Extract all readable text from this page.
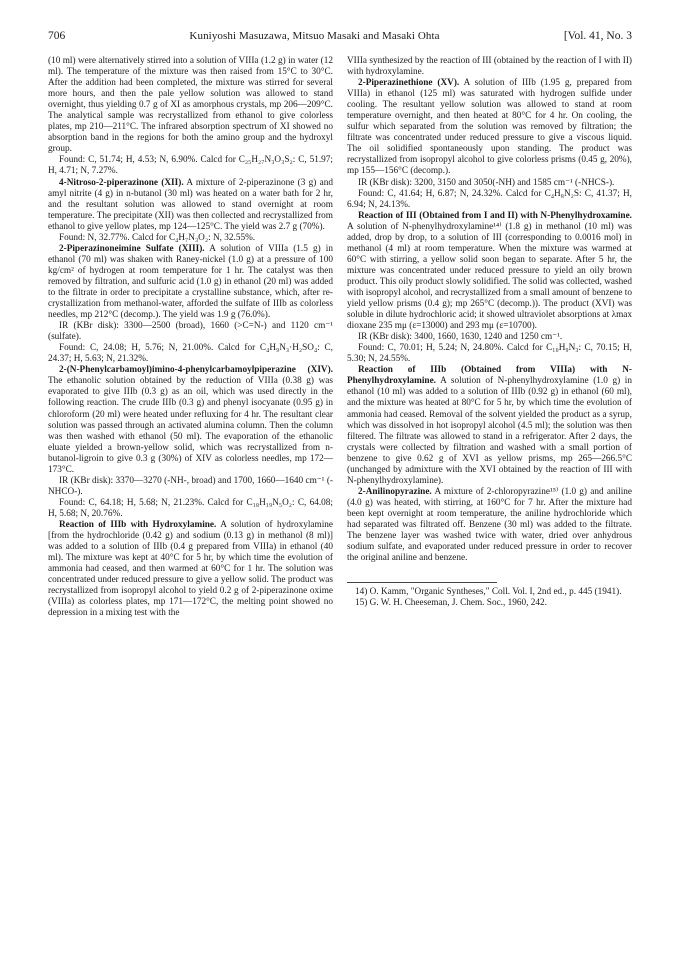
706	Kuniyoshi Masuzawa, Mitsuo Masaki and Masaki Ohta	[Vol. 41, No. 3

(10 ml) were alternatively stirred into a solution of VIIIa (1.2 g) in water (12 ml). The temperature of the mixture was then raised from 15°C to 30°C. After the addition had been completed, the mixture was stirred for several more hours, and then the pale yellow solution was allowed to stand overnight, thus yielding 0.7 g of XI as amorphous crystals, mp 206—209°C. The analytical sample was recrystallized from ethanol to give colorless plates, mp 210—211°C. The infrared absorption spectrum of XI showed no absorption band in the regions for both the amino group and the hydroxyl group.

Found: C, 51.74; H, 4.53; N, 6.90%. Calcd for C₂₅H₂₇N₃O₃S₂: C, 51.97; H, 4.71; N, 7.27%.

4-Nitroso-2-piperazinone (XII). A mixture of 2-piperazinone (3 g) and amyl nitrite (4 g) in n-butanol (30 ml) was heated on a water bath for 2 hr, and the resultant solution was allowed to stand overnight at room temperature. The precipitate (XII) was then collected and recrystallized from ethanol to give yellow plates, mp 124—125°C. The yield was 2.7 g (70%).

Found: N, 32.77%. Calcd for C₄H₇N₃O₂: N, 32.55%.

2-Piperazinoneimine Sulfate (XIII). A solution of VIIIa (1.5 g) in ethanol (70 ml) was shaken with Raney-nickel (1.0 g) at a pressure of 100 kg/cm² of hydrogen at room temperature for 1 hr. The catalyst was then removed by filtration, and sulfuric acid (1.0 g) in ethanol (20 ml) was added to the filtrate in order to precipitate a crystalline substance, which, after re-crystallization from methanol-water, afforded the sulfate of IIIb as colorless needles, mp 212°C (decomp.). The yield was 1.9 g (76.0%).

IR (KBr disk): 3300—2500 (broad), 1660 (>C=N-) and 1120 cm⁻¹ (sulfate).

Found: C, 24.08; H, 5.76; N, 21.00%. Calcd for C₄H₉N₃·H₂SO₄: C, 24.37; H, 5.63; N, 21.32%.

2-(N-Phenylcarbamoyl)imino-4-phenylcarbamoylpiperazine (XIV). The ethanolic solution obtained by the reduction of VIIIa (0.38 g) was evaporated to give IIIb (0.3 g) as an oil, which was used directly in the following reaction. The crude IIIb (0.3 g) and phenyl isocyanate (0.95 g) in chloroform (20 ml) were heated under refluxing for 4 hr. The resultant clear solution was passed through an activated alumina column. Then the column was then washed with ethanol (50 ml). The evaporation of the ethanolic eluate yielded a brown-yellow solid, which was recrystallized from n-butanol-ligroin to give 0.3 g (30%) of XIV as colorless needles, mp 172—173°C.

IR (KBr disk): 3370—3270 (-NH-, broad) and 1700, 1660—1640 cm⁻¹ (-NHCO-).

Found: C, 64.18; H, 5.68; N, 21.23%. Calcd for C₁₈H₁₉N₅O₂: C, 64.08; H, 5.68; N, 20.76%.

Reaction of IIIb with Hydroxylamine. A solution of hydroxylamine [from the hydrochloride (0.42 g) and sodium (0.13 g) in methanol (8 ml)] was added to a solution of IIIb (0.4 g prepared from VIIIa) in ethanol (40 ml). The mixture was kept at 40°C for 5 hr, by which time the evolution of ammonia had ceased, and then warmed at 60°C for 1 hr. The solution was concentrated under reduced pressure to give a yellow solid. The product was recrystallized from isopropyl alcohol to yield 0.2 g of 2-piperazinone oxime (VIIIa) as colorless plates, mp 171—172°C, the melting point showed no depression in a mixing test with the

VIIIa synthesized by the reaction of III (obtained by the reaction of I with II) with hydroxylamine.

2-Piperazinethione (XV). A solution of IIIb (1.95 g, prepared from VIIIa) in ethanol (125 ml) was saturated with hydrogen sulfide under cooling. The resultant yellow solution was allowed to stand at room temperature overnight, and then heated at 80°C for 4 hr. On cooling, the sulfur which separated from the solution was removed by filtration; the filtrate was concentrated under reduced pressure to give a viscous liquid. The oil solidified spontaneously upon standing. The product was recrystallized from isopropyl alcohol to give colorless prisms (0.45 g, 20%), mp 155—156°C (decomp.).

IR (KBr disk): 3200, 3150 and 3050(-NH) and 1585 cm⁻¹ (-NHCS-).

Found: C, 41.64; H, 6.87; N, 24.32%. Calcd for C₄H₈N₂S: C, 41.37; H, 6.94; N, 24.13%.

Reaction of III (Obtained from I and II) with N-Phenylhydroxamine. A solution of N-phenylhydroxylamine¹⁴⁾ (1.8 g) in methanol (10 ml) was added, drop by drop, to a solution of III (corresponding to 0.0016 mol) in methanol (4 ml) at room temperature. When the mixture was warmed at 60°C with stirring, a yellow solid soon began to separate. After 5 hr, the mixture was concentrated under reduced pressure to yield an oily brown product. This oily product slowly solidified. The solid was collected, washed with isopropyl alcohol, and recrystallized from a small amount of benzene to yield yellow prisms (0.4 g); mp 265°C (decomp.)). The product (XVI) was soluble in dilute hydrochloric acid; it showed ultraviolet absorptions at λmax dioxane 235 mμ (ε=13000) and 293 mμ (ε=10700).

IR (KBr disk): 3400, 1660, 1630, 1240 and 1250 cm⁻¹.

Found: C, 70.01; H, 5.24; N, 24.80%. Calcd for C₁₀H₉N₃: C, 70.15; H, 5.30; N, 24.55%.

Reaction of IIIb (Obtained from VIIIa) with N-Phenylhydroxylamine. A solution of N-phenylhydroxylamine (1.0 g) in ethanol (10 ml) was added to a solution of IIIb (0.92 g) in ethanol (60 ml), and the mixture was heated at 80°C for 5 hr, by which time the evolution of ammonia had ceased. Removal of the solvent yielded the product as a syrup, which was dissolved in hot isopropyl alcohol (4.5 ml); the solution was then filtered. The filtrate was allowed to stand in a refrigerator. After 2 days, the crystals were collected by filtration and washed with a small portion of benzene to give 0.62 g of XVI as yellow prisms, mp 265—266.5°C (unchanged by admixture with the XVI obtained by the reaction of III with N-phenylhydroxylamine).

2-Anilinopyrazine. A mixture of 2-chloropyrazine¹⁵⁾ (1.0 g) and aniline (4.0 g) was heated, with stirring, at 160°C for 7 hr. After the mixture had been kept overnight at room temperature, the aniline hydrochloride which had separated was filtrated off. Benzene (30 ml) was added to the filtrate. The benzene layer was washed twice with water, dried over anhydrous sodium sulfate, and evaporated under reduced pressure in order to recover the original aniline and benzene.

14) O. Kamm, "Organic Syntheses," Coll. Vol. I, 2nd ed., p. 445 (1941).

15) G. W. H. Cheeseman, J. Chem. Soc., 1960, 242.
